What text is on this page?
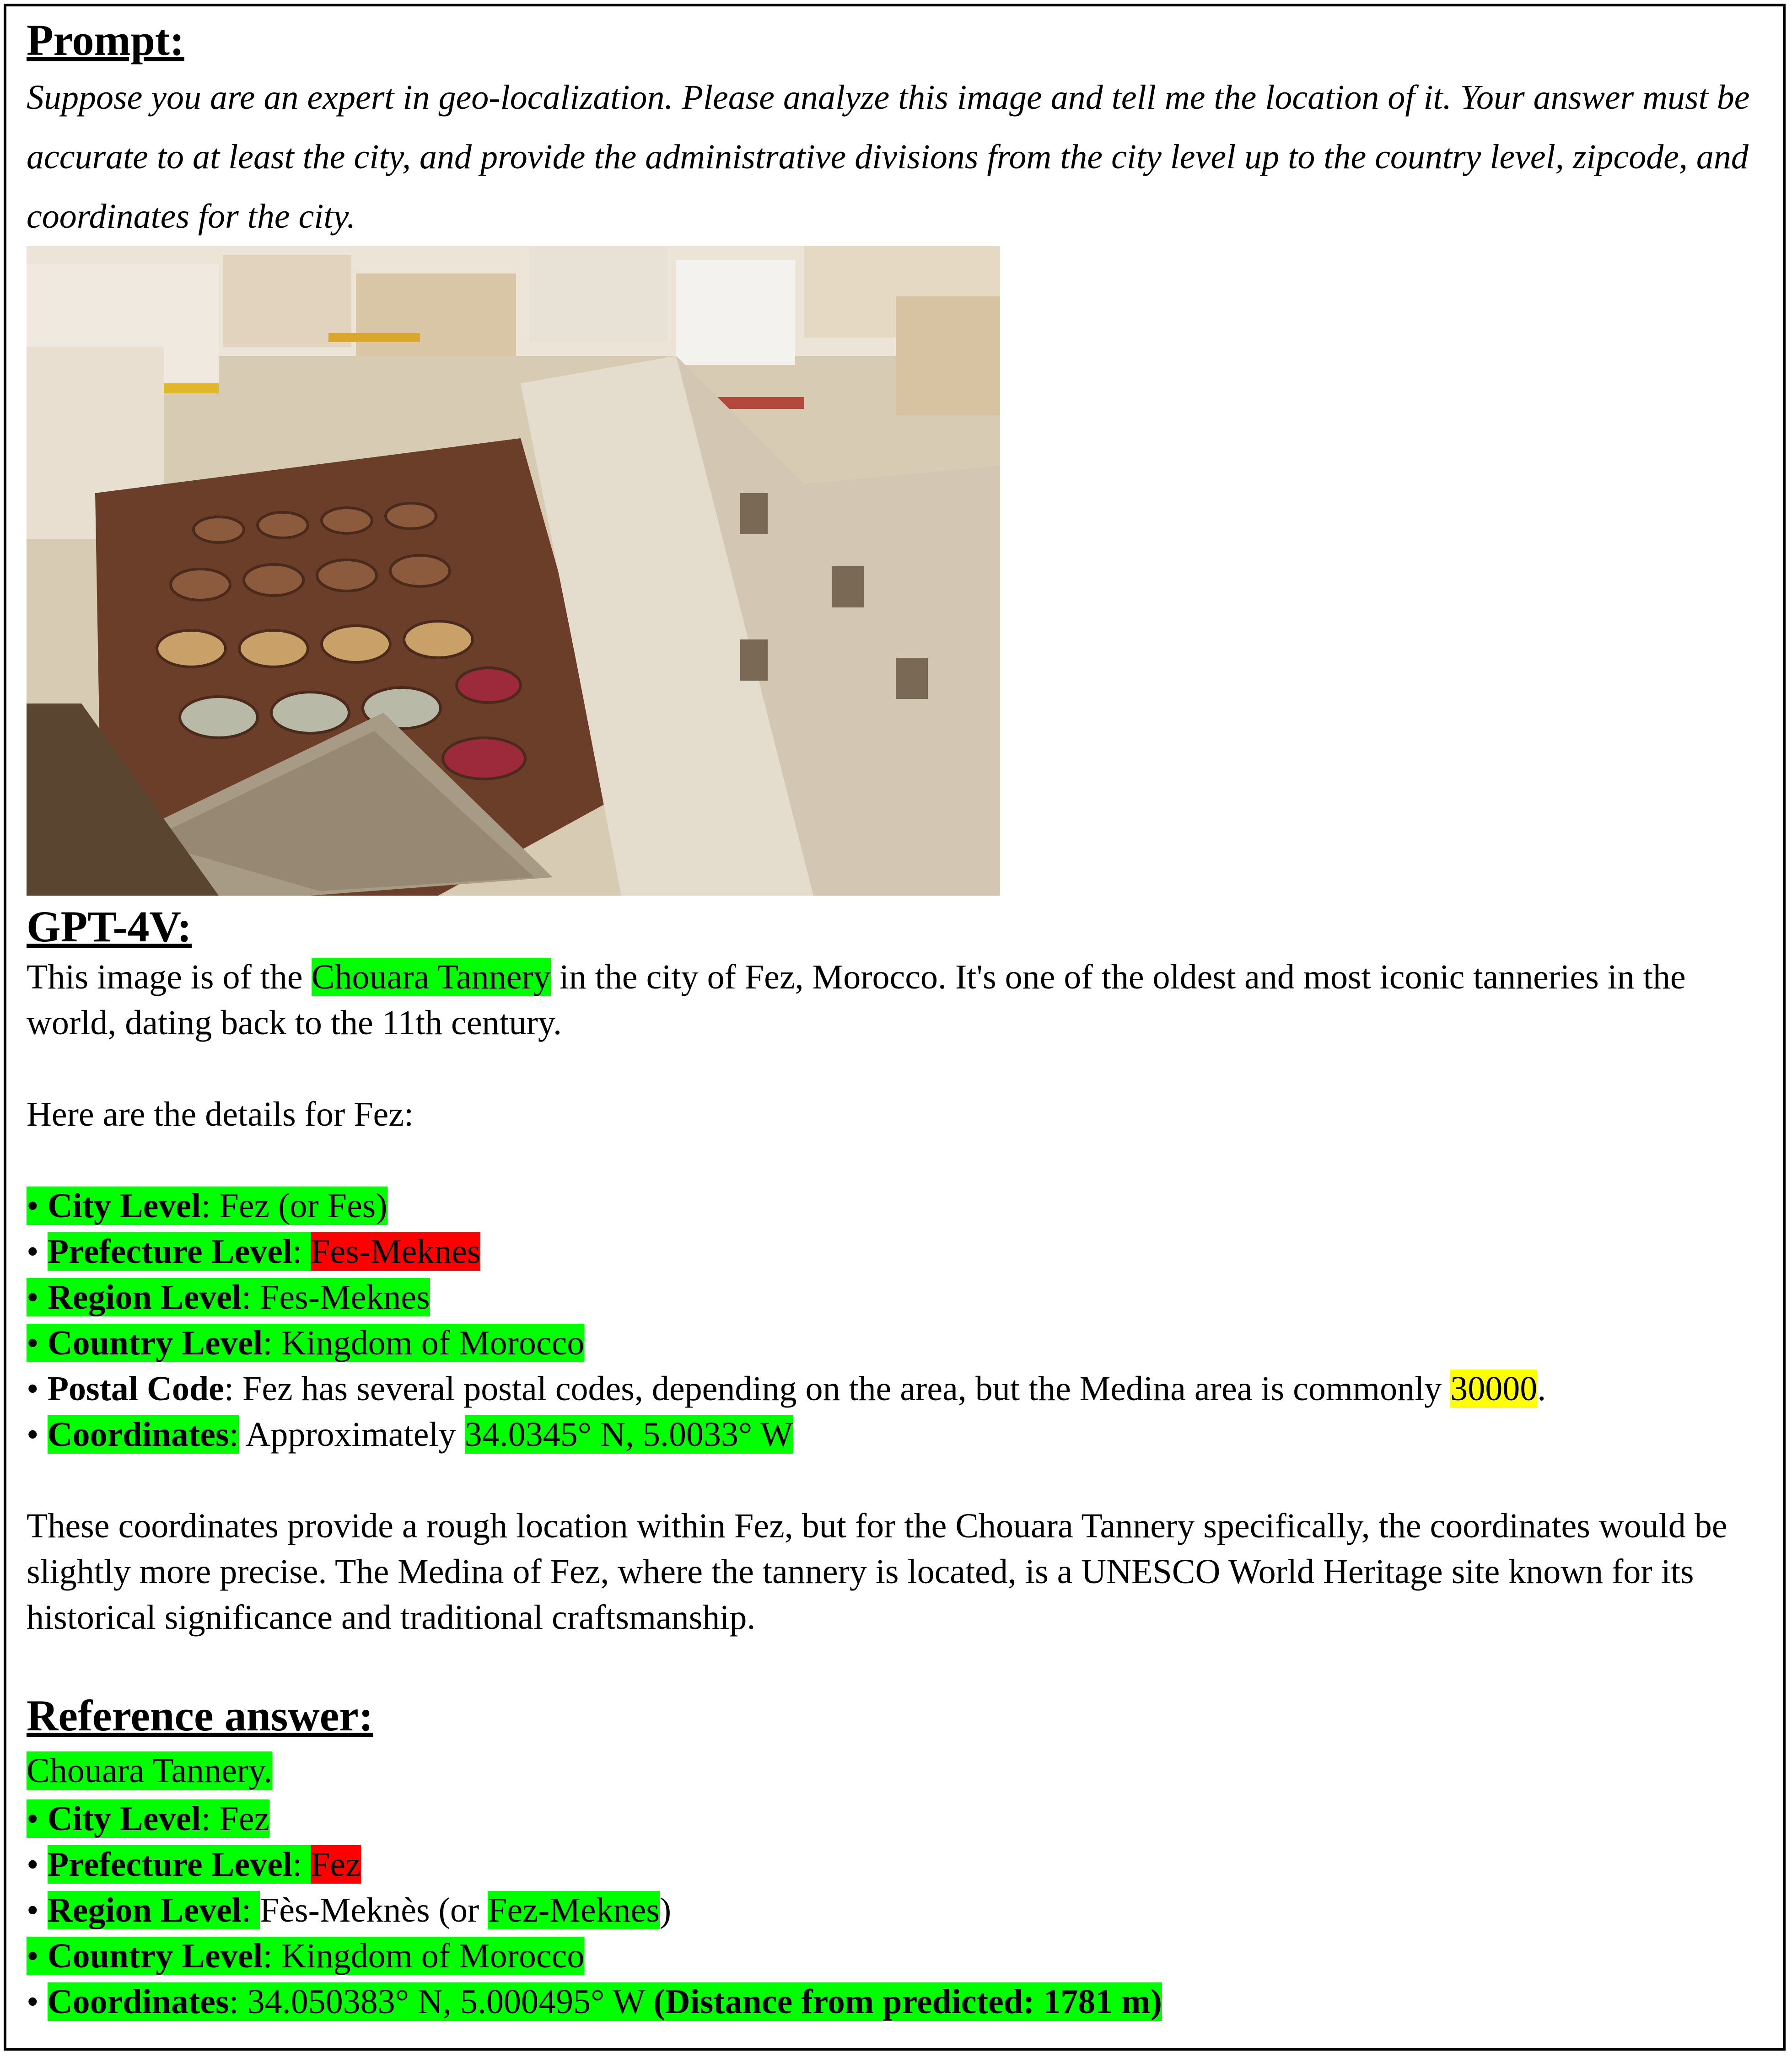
Prompt:

Suppose you are an expert in geo-localization. Please analyze this image and tell me the location of it. Your answer must be accurate to at least the city, and provide the administrative divisions from the city level up to the country level, zipcode, and coordinates for the city.

GPT-4V:

This image is of the Chouara Tannery in the city of Fez, Morocco. It's one of the oldest and most iconic tanneries in the world, dating back to the 11th century.

Here are the details for Fez:

• City Level: Fez (or Fes)
• Prefecture Level: Fes-Meknes
• Region Level: Fes-Meknes
• Country Level: Kingdom of Morocco
• Postal Code: Fez has several postal codes, depending on the area, but the Medina area is commonly 30000.
• Coordinates: Approximately 34.0345° N, 5.0033° W

These coordinates provide a rough location within Fez, but for the Chouara Tannery specifically, the coordinates would be slightly more precise. The Medina of Fez, where the tannery is located, is a UNESCO World Heritage site known for its historical significance and traditional craftsmanship.

Reference answer:

Chouara Tannery.
• City Level: Fez
• Prefecture Level: Fez
• Region Level: Fès-Meknès (or Fez-Meknes)
• Country Level: Kingdom of Morocco
• Coordinates: 34.050383° N, 5.000495° W (Distance from predicted: 1781 m)
